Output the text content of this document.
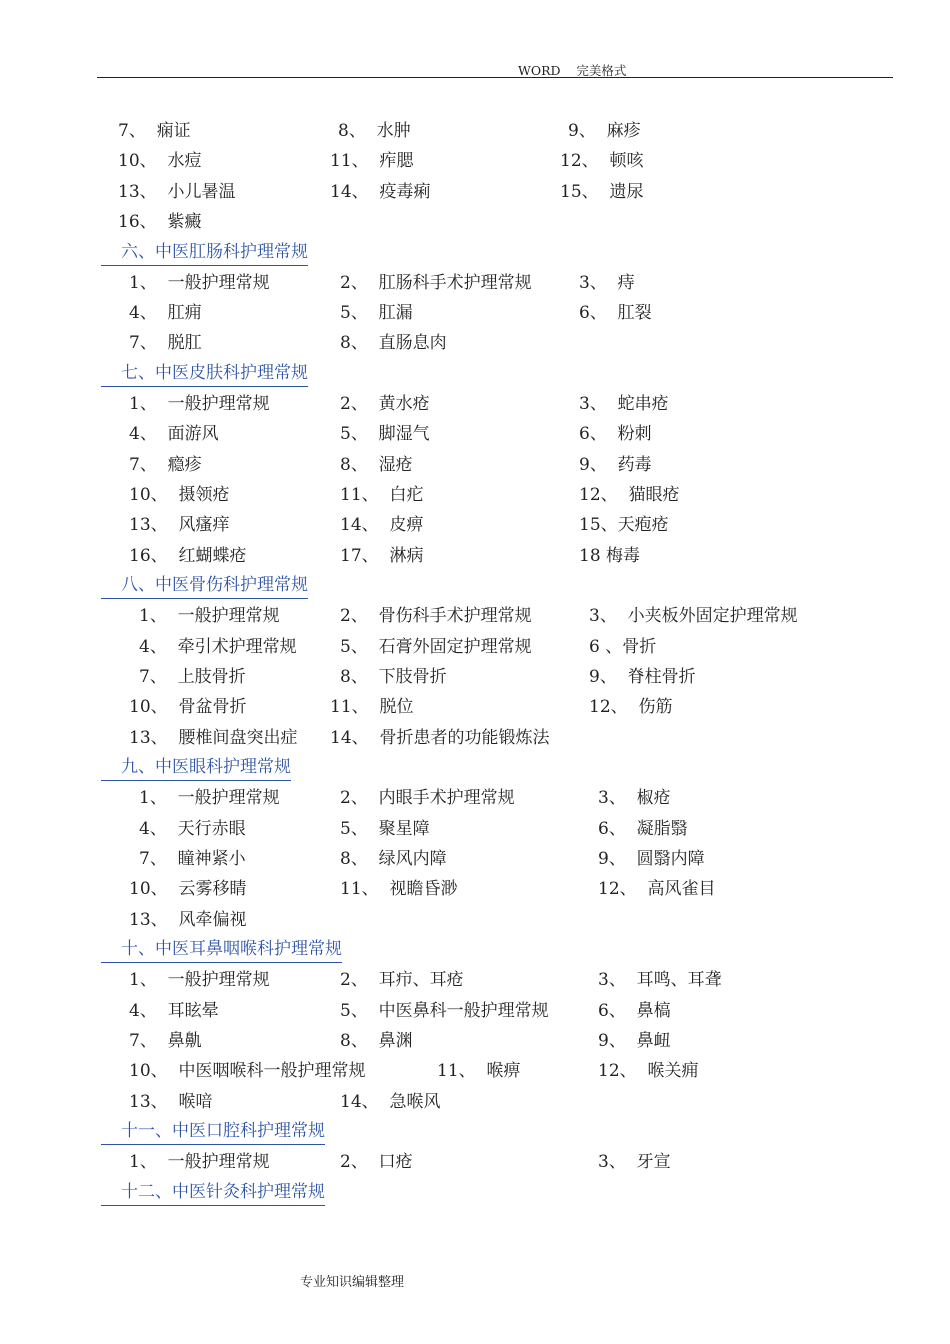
WORD    完美格式
7、  痫证	8、  水肿	9、  麻疹
10、  水痘	11、  痄腮	12、  顿咳
13、  小儿暑温	14、  疫毒痢	15、  遗尿
16、  紫癜
六、中医肛肠科护理常规
1、  一般护理常规	2、  肛肠科手术护理常规	3、  痔
4、  肛痈	5、  肛漏	6、  肛裂
7、  脱肛	8、  直肠息肉
七、中医皮肤科护理常规
1、  一般护理常规	2、  黄水疮	3、  蛇串疮
4、  面游风	5、  脚湿气	6、  粉刺
7、  瘾疹	8、  湿疮	9、  药毒
10、  摄领疮	11、  白疕	12、  猫眼疮
13、  风瘙痒	14、  皮痹	15、天疱疮
16、  红蝴蝶疮	17、  淋病	18 梅毒
八、中医骨伤科护理常规
1、  一般护理常规	2、  骨伤科手术护理常规	3、  小夹板外固定护理常规
4、  牵引术护理常规	5、  石膏外固定护理常规	6 、骨折
7、  上肢骨折	8、  下肢骨折	9、  脊柱骨折
10、  骨盆骨折	11、  脱位	12、  伤筋
13、  腰椎间盘突出症 14、  骨折患者的功能锻炼法
九、中医眼科护理常规
1、  一般护理常规	2、  内眼手术护理常规	3、  椒疮
4、  天行赤眼	5、  聚星障	6、  凝脂翳
7、  瞳神紧小	8、  绿风内障	9、  圆翳内障
10、  云雾移睛	11、  视瞻昏渺	12、  高风雀目
13、  风牵偏视
十、中医耳鼻咽喉科护理常规
1、  一般护理常规	2、  耳疖、耳疮	3、  耳鸣、耳聋
4、  耳眩晕	5、  中医鼻科一般护理常规	6、  鼻槁
7、  鼻鼽	8、  鼻渊	9、  鼻衄
10、  中医咽喉科一般护理常规	11、  喉痹	12、  喉关痈
13、  喉喑	14、  急喉风
十一、中医口腔科护理常规
1、  一般护理常规	2、  口疮	3、  牙宣
十二、中医针灸科护理常规
专业知识编辑整理
